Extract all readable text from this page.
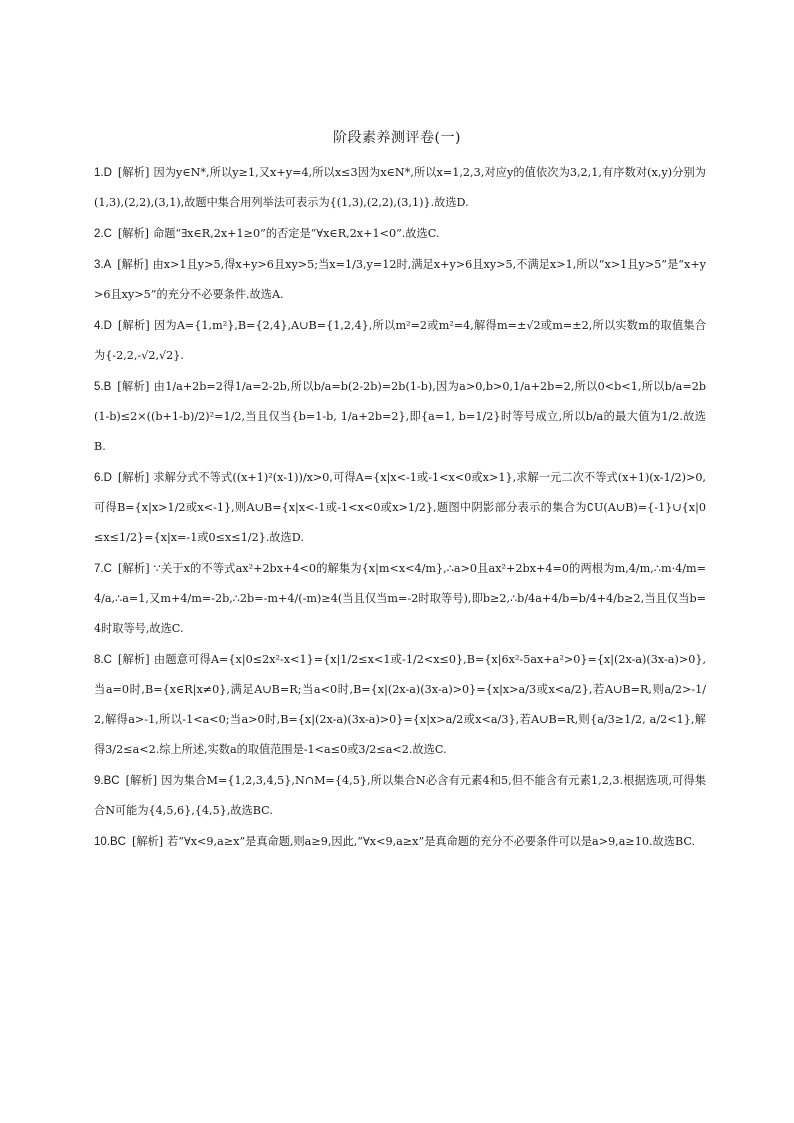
阶段素养测评卷(一)

1.D [解析] 因为y∈N*,所以y≥1,又x+y=4,所以x≤3因为x∈N*,所以x=1,2,3,对应y的值依次为3,2,1,有序数对(x,y)分别为(1,3),(2,2),(3,1),故题中集合用列举法可表示为{(1,3),(2,2),(3,1)}.故选D.

2.C [解析] 命题“∃x∈R,2x+1≥0”的否定是“∀x∈R,2x+1<0”.故选C.

3.A [解析] 由x>1且y>5,得x+y>6且xy>5;当x=1/3,y=12时,满足x+y>6且xy>5,不满足x>1,所以“x>1且y>5”是“x+y>6且xy>5”的充分不必要条件.故选A.

4.D [解析] 因为A={1,m²},B={2,4},A∪B={1,2,4},所以m²=2或m²=4,解得m=±√2或m=±2,所以实数m的取值集合为{-2,2,-√2,√2}.

5.B [解析] 由1/a+2b=2得1/a=2-2b,所以b/a=b(2-2b)=2b(1-b),因为a>0,b>0,1/a+2b=2,所以0<b<1,所以b/a=2b(1-b)≤2×((b+1-b)/2)²=1/2,当且仅当{b=1-b, 1/a+2b=2},即{a=1, b=1/2}时等号成立,所以b/a的最大值为1/2.故选B.

6.D [解析] 求解分式不等式((x+1)²(x-1))/x>0,可得A={x|x<-1或-1<x<0或x>1},求解一元二次不等式(x+1)(x-1/2)>0,可得B={x|x>1/2或x<-1},则A∪B={x|x<-1或-1<x<0或x>1/2},题图中阴影部分表示的集合为∁U(A∪B)={-1}∪{x|0≤x≤1/2}={x|x=-1或0≤x≤1/2}.故选D.

7.C [解析] ∵关于x的不等式ax²+2bx+4<0的解集为{x|m<x<4/m},∴a>0且ax²+2bx+4=0的两根为m,4/m,∴m·4/m=4/a,∴a=1,又m+4/m=-2b,∴2b=-m+4/(-m)≥4(当且仅当m=-2时取等号),即b≥2,∴b/4a+4/b=b/4+4/b≥2,当且仅当b=4时取等号,故选C.

8.C [解析] 由题意可得A={x|0≤2x²-x<1}={x|1/2≤x<1或-1/2<x≤0},B={x|6x²-5ax+a²>0}={x|(2x-a)(3x-a)>0},当a=0时,B={x∈R|x≠0},满足A∪B=R;当a<0时,B={x|(2x-a)(3x-a)>0}={x|x>a/3或x<a/2},若A∪B=R,则a/2>-1/2,解得a>-1,所以-1<a<0;当a>0时,B={x|(2x-a)(3x-a)>0}={x|x>a/2或x<a/3},若A∪B=R,则{a/3≥1/2, a/2<1},解得3/2≤a<2.综上所述,实数a的取值范围是-1<a≤0或3/2≤a<2.故选C.

9.BC [解析] 因为集合M={1,2,3,4,5},N∩M={4,5},所以集合N必含有元素4和5,但不能含有元素1,2,3.根据选项,可得集合N可能为{4,5,6},{4,5},故选BC.

10.BC [解析] 若“∀x<9,a≥x”是真命题,则a≥9,因此,“∀x<9,a≥x”是真命题的充分不必要条件可以是a>9,a≥10.故选BC.
